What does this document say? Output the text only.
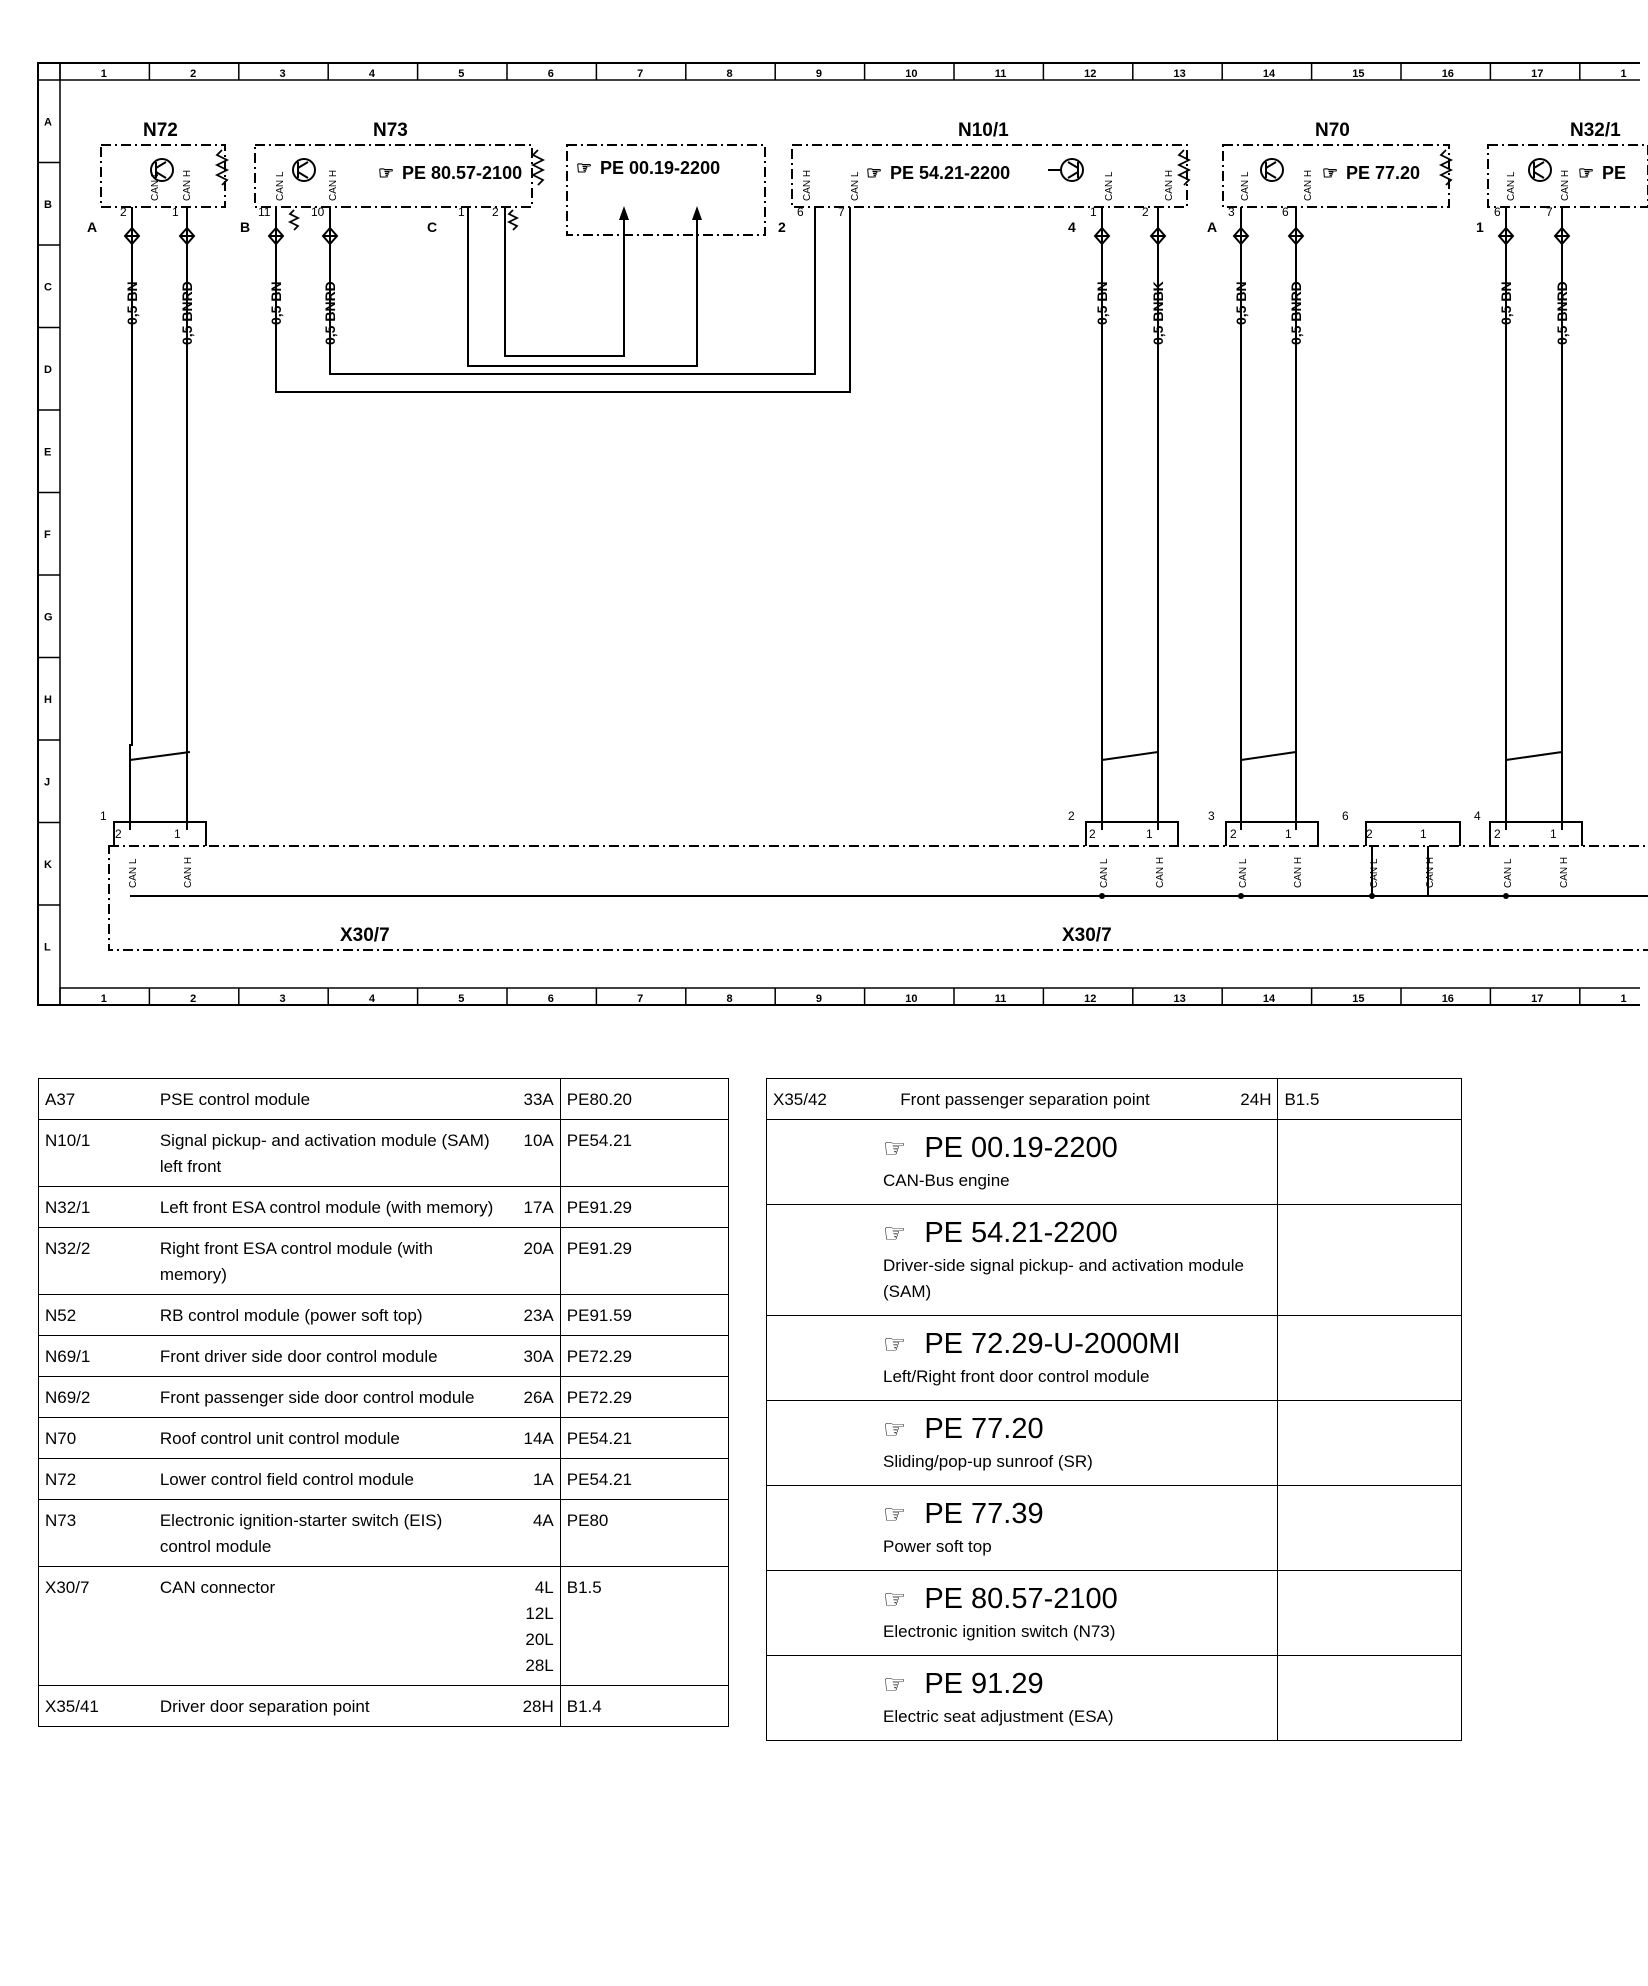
1	2	3	4	5	6	7	8	9	10	11	12	13	14	15	16	17	1
1	2	3	4	5	6	7	8	9	10	11	12	13	14	15	16	17	1
A
B
C
D
E
F
G
H
J
K
L
N72	N73	N10/1	N70	N32/1
☞ PE 80.57-2100	☞ PE 00.19-2200	☞ PE 54.21-2200	☞ PE 77.20	☞ PE
CAN L CAN H	CAN L	CAN H	CAN H	CAN L	CAN L	CAN H	CAN L	CAN H	CAN L	CAN H
A
2	1
B
11	10
C
1 2
2
6	7
4
1	2
A
3	6
1
6	7
0,5 BN	0,5 BNRD	0,5 BN	0,5 BNRD	0,5 BN	0,5 BNBK	0,5 BN	0,5 BNRD	0,5 BN	0,5 BNRD
1
2	1
2
2	1
3
2	1
6
2	1
4
2	1
CAN L	CAN H	CAN L	CAN H	CAN L	CAN H	CAN L	CAN H	CAN L	CAN H
X30/7	X30/7
A37	PSE control module	33A	PE80.20
N10/1	Signal pickup- and activation module (SAM) left front	10A	PE54.21
N32/1	Left front ESA control module (with memory)	17A	PE91.29
N32/2	Right front ESA control module (with memory)	20A	PE91.29
N52	RB control module (power soft top)	23A	PE91.59
N69/1	Front driver side door control module	30A	PE72.29
N69/2	Front passenger side door control module	26A	PE72.29
N70	Roof control unit control module	14A	PE54.21
N72	Lower control field control module	1A	PE54.21
N73	Electronic ignition-starter switch (EIS) control module	4A	PE80
X30/7	CAN connector	4L
12L
20L
28L	B1.5
X35/41	Driver door separation point	28H	B1.4
X35/42	Front passenger separation point	24H	B1.5

☞ PE 00.19-2200
CAN-Bus engine			

☞ PE 54.21-2200
Driver-side signal pickup- and activation module (SAM)			

☞ PE 72.29-U-2000MI
Left/Right front door control module			

☞ PE 77.20
Sliding/pop-up sunroof (SR)			

☞ PE 77.39
Power soft top			

☞ PE 80.57-2100
Electronic ignition switch (N73)			

☞ PE 91.29
Electric seat adjustment (ESA)			
